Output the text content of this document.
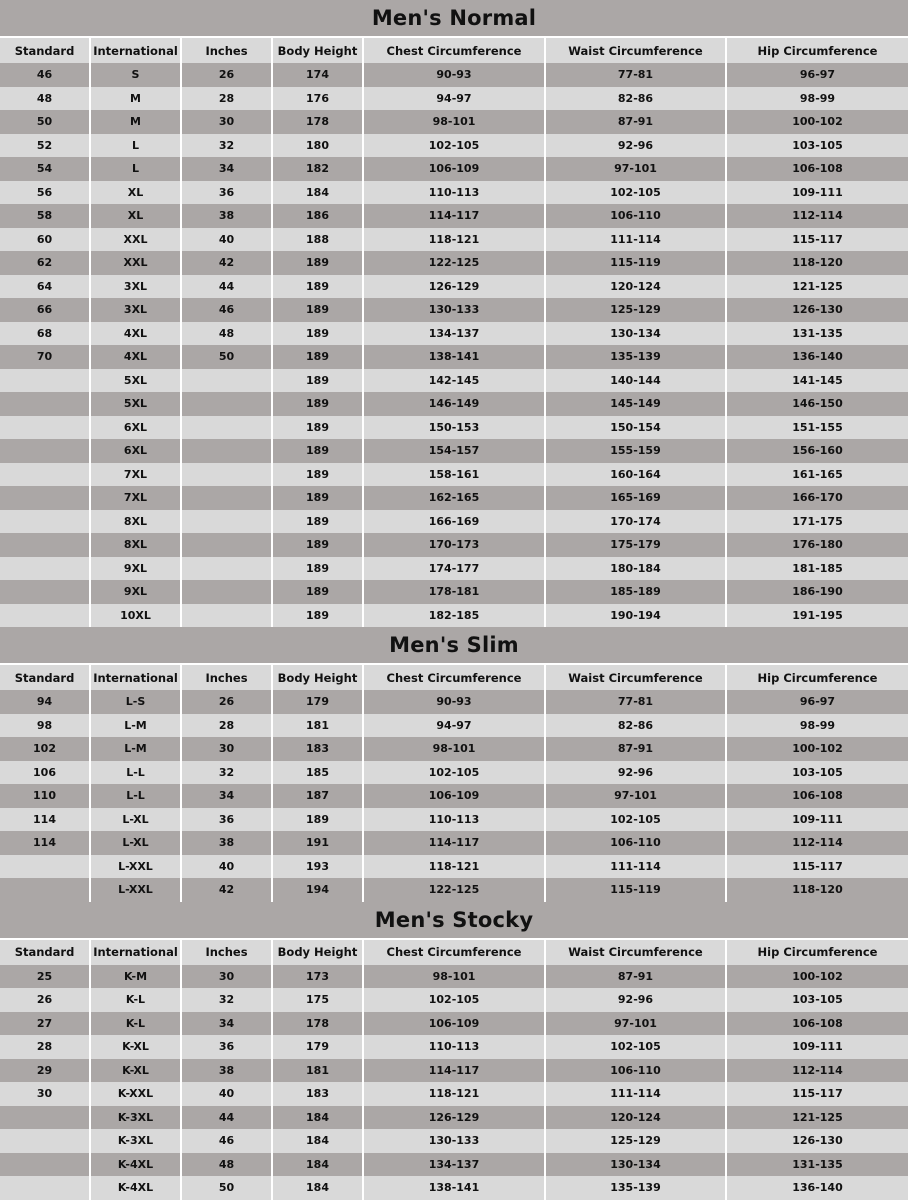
Men's Normal
Standard	International	Inches	Body Height	Chest Circumference	Waist Circumference	Hip Circumference
46	S	26	174	90-93	77-81	96-97
48	M	28	176	94-97	82-86	98-99
50	M	30	178	98-101	87-91	100-102
52	L	32	180	102-105	92-96	103-105
54	L	34	182	106-109	97-101	106-108
56	XL	36	184	110-113	102-105	109-111
58	XL	38	186	114-117	106-110	112-114
60	XXL	40	188	118-121	111-114	115-117
62	XXL	42	189	122-125	115-119	118-120
64	3XL	44	189	126-129	120-124	121-125
66	3XL	46	189	130-133	125-129	126-130
68	4XL	48	189	134-137	130-134	131-135
70	4XL	50	189	138-141	135-139	136-140
	5XL		189	142-145	140-144	141-145
	5XL		189	146-149	145-149	146-150
	6XL		189	150-153	150-154	151-155
	6XL		189	154-157	155-159	156-160
	7XL		189	158-161	160-164	161-165
	7XL		189	162-165	165-169	166-170
	8XL		189	166-169	170-174	171-175
	8XL		189	170-173	175-179	176-180
	9XL		189	174-177	180-184	181-185
	9XL		189	178-181	185-189	186-190
	10XL		189	182-185	190-194	191-195
Men's Slim
Standard	International	Inches	Body Height	Chest Circumference	Waist Circumference	Hip Circumference
94	L-S	26	179	90-93	77-81	96-97
98	L-M	28	181	94-97	82-86	98-99
102	L-M	30	183	98-101	87-91	100-102
106	L-L	32	185	102-105	92-96	103-105
110	L-L	34	187	106-109	97-101	106-108
114	L-XL	36	189	110-113	102-105	109-111
114	L-XL	38	191	114-117	106-110	112-114
	L-XXL	40	193	118-121	111-114	115-117
	L-XXL	42	194	122-125	115-119	118-120
Men's Stocky
Standard	International	Inches	Body Height	Chest Circumference	Waist Circumference	Hip Circumference
25	K-M	30	173	98-101	87-91	100-102
26	K-L	32	175	102-105	92-96	103-105
27	K-L	34	178	106-109	97-101	106-108
28	K-XL	36	179	110-113	102-105	109-111
29	K-XL	38	181	114-117	106-110	112-114
30	K-XXL	40	183	118-121	111-114	115-117
	K-3XL	44	184	126-129	120-124	121-125
	K-3XL	46	184	130-133	125-129	126-130
	K-4XL	48	184	134-137	130-134	131-135
	K-4XL	50	184	138-141	135-139	136-140
